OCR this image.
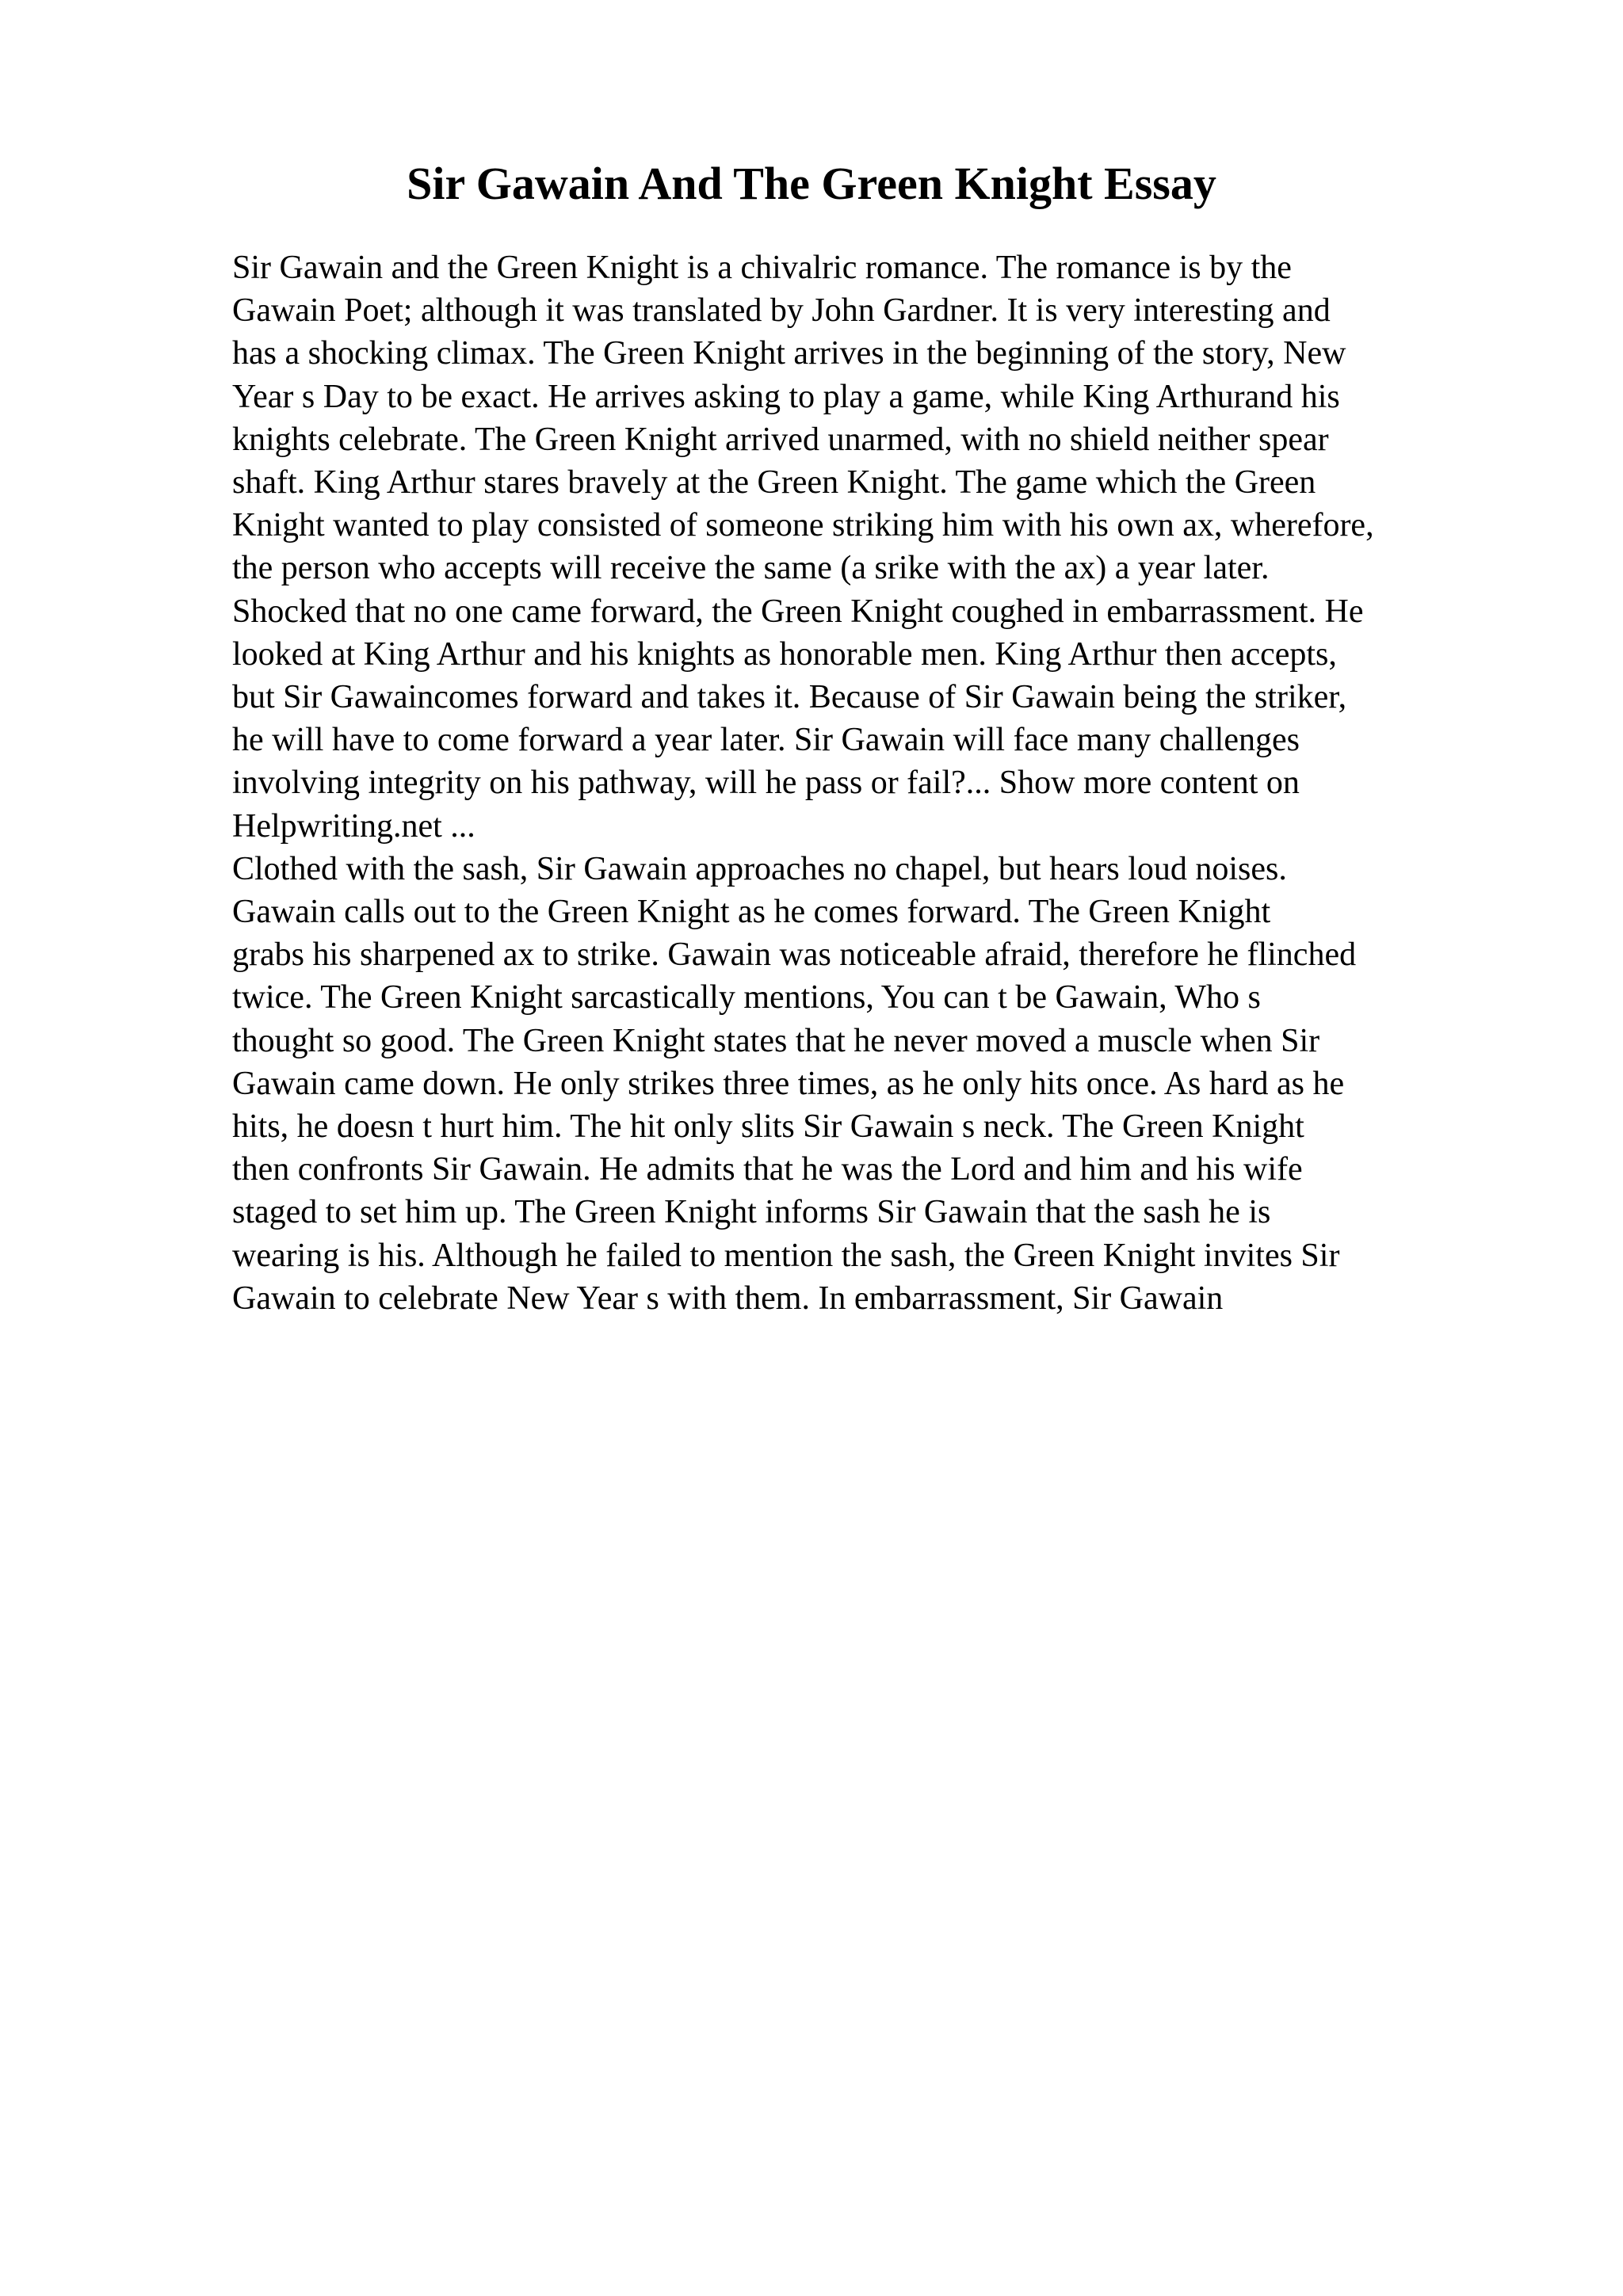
Sir Gawain And The Green Knight Essay
Sir Gawain and the Green Knight is a chivalric romance. The romance is by the
Gawain Poet; although it was translated by John Gardner. It is very interesting and
has a shocking climax. The Green Knight arrives in the beginning of the story, New
Year s Day to be exact. He arrives asking to play a game, while King Arthurand his
knights celebrate. The Green Knight arrived unarmed, with no shield neither spear
shaft. King Arthur stares bravely at the Green Knight. The game which the Green
Knight wanted to play consisted of someone striking him with his own ax, wherefore,
the person who accepts will receive the same (a srike with the ax) a year later.
Shocked that no one came forward, the Green Knight coughed in embarrassment. He
looked at King Arthur and his knights as honorable men. King Arthur then accepts,
but Sir Gawaincomes forward and takes it. Because of Sir Gawain being the striker,
he will have to come forward a year later. Sir Gawain will face many challenges
involving integrity on his pathway, will he pass or fail?... Show more content on
Helpwriting.net ...
Clothed with the sash, Sir Gawain approaches no chapel, but hears loud noises.
Gawain calls out to the Green Knight as he comes forward. The Green Knight
grabs his sharpened ax to strike. Gawain was noticeable afraid, therefore he flinched
twice. The Green Knight sarcastically mentions, You can t be Gawain, Who s
thought so good. The Green Knight states that he never moved a muscle when Sir
Gawain came down. He only strikes three times, as he only hits once. As hard as he
hits, he doesn t hurt him. The hit only slits Sir Gawain s neck. The Green Knight
then confronts Sir Gawain. He admits that he was the Lord and him and his wife
staged to set him up. The Green Knight informs Sir Gawain that the sash he is
wearing is his. Although he failed to mention the sash, the Green Knight invites Sir
Gawain to celebrate New Year s with them. In embarrassment, Sir Gawain
